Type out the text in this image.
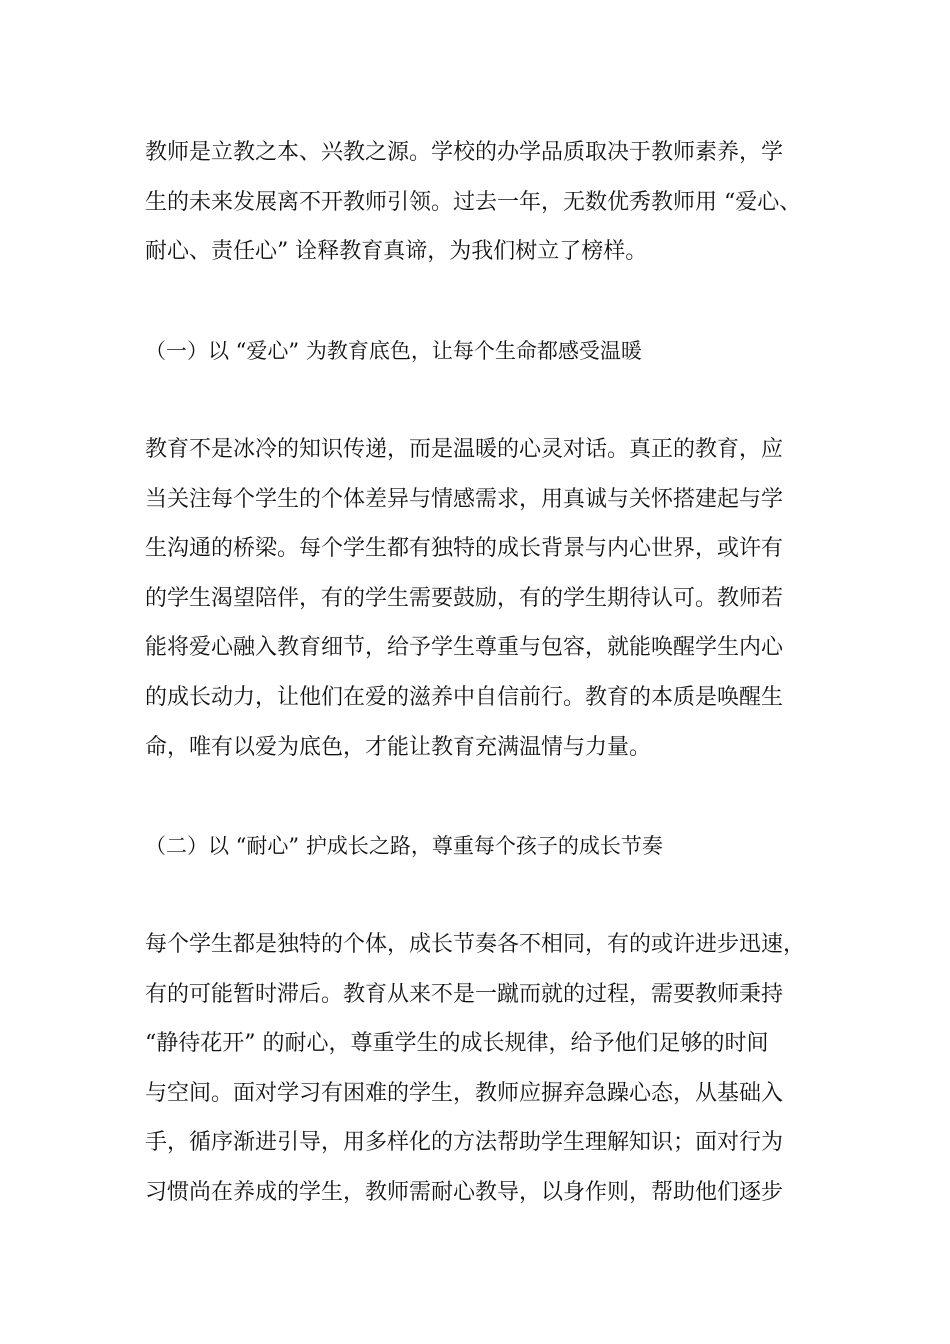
教师是立教之本、兴教之源。学校的办学品质取决于教师素养，学
生的未来发展离不开教师引领。过去一年，无数优秀教师用 “爱心、
耐心、责任心” 诠释教育真谛，为我们树立了榜样。
（一）以 “爱心” 为教育底色，让每个生命都感受温暖
教育不是冰冷的知识传递，而是温暖的心灵对话。真正的教育，应
当关注每个学生的个体差异与情感需求，用真诚与关怀搭建起与学
生沟通的桥梁。每个学生都有独特的成长背景与内心世界，或许有
的学生渴望陪伴，有的学生需要鼓励，有的学生期待认可。教师若
能将爱心融入教育细节，给予学生尊重与包容，就能唤醒学生内心
的成长动力，让他们在爱的滋养中自信前行。教育的本质是唤醒生
命，唯有以爱为底色，才能让教育充满温情与力量。
（二）以 “耐心” 护成长之路，尊重每个孩子的成长节奏
每个学生都是独特的个体，成长节奏各不相同，有的或许进步迅速，
有的可能暂时滞后。教育从来不是一蹴而就的过程，需要教师秉持
“静待花开” 的耐心，尊重学生的成长规律，给予他们足够的时间
与空间。面对学习有困难的学生，教师应摒弃急躁心态，从基础入
手，循序渐进引导，用多样化的方法帮助学生理解知识；面对行为
习惯尚在养成的学生，教师需耐心教导，以身作则，帮助他们逐步
